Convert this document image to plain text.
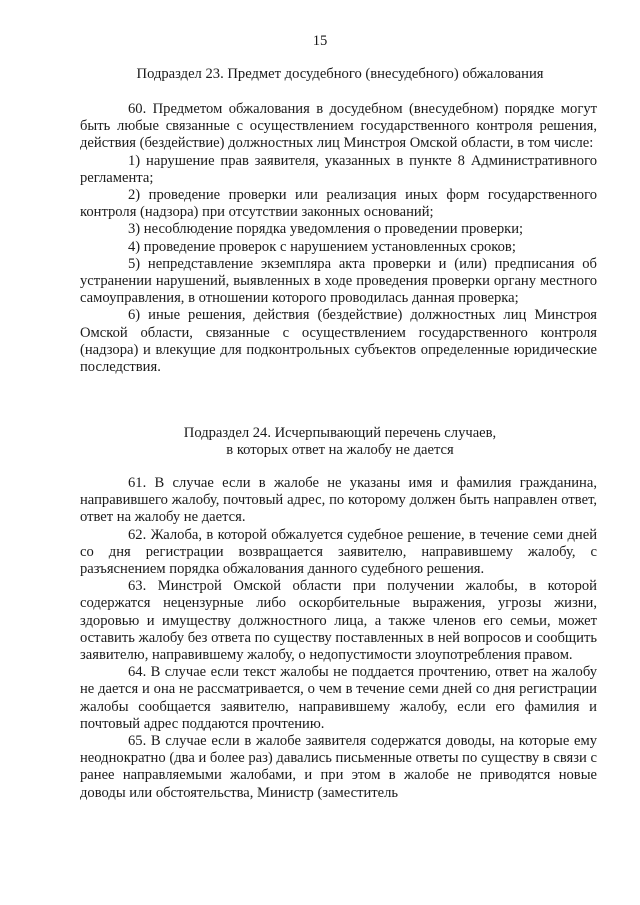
15
Подраздел 23. Предмет досудебного (внесудебного) обжалования

60. Предметом обжалования в досудебном (внесудебном) порядке могут быть любые связанные с осуществлением государственного контроля решения, действия (бездействие) должностных лиц Минстроя Омской области, в том числе:

1) нарушение прав заявителя, указанных в пункте 8 Административного регламента;

2) проведение проверки или реализация иных форм государственного контроля (надзора) при отсутствии законных оснований;

3) несоблюдение порядка уведомления о проведении проверки;

4) проведение проверок с нарушением установленных сроков;

5) непредставление экземпляра акта проверки и (или) предписания об устранении нарушений, выявленных в ходе проведения проверки органу местного самоуправления, в отношении которого проводилась данная проверка;

6) иные решения, действия (бездействие) должностных лиц Минстроя Омской области, связанные с осуществлением государственного контроля (надзора) и влекущие для подконтрольных субъектов определенные юридические последствия.

Подраздел 24. Исчерпывающий перечень случаев,
в которых ответ на жалобу не дается

61. В случае если в жалобе не указаны имя и фамилия гражданина, направившего жалобу, почтовый адрес, по которому должен быть направлен ответ, ответ на жалобу не дается.

62. Жалоба, в которой обжалуется судебное решение, в течение семи дней со дня регистрации возвращается заявителю, направившему жалобу, с разъяснением порядка обжалования данного судебного решения.

63. Минстрой Омской области при получении жалобы, в которой содержатся нецензурные либо оскорбительные выражения, угрозы жизни, здоровью и имуществу должностного лица, а также членов его семьи, может оставить жалобу без ответа по существу поставленных в ней вопросов и сообщить заявителю, направившему жалобу, о недопустимости злоупотребления правом.

64. В случае если текст жалобы не поддается прочтению, ответ на жалобу не дается и она не рассматривается, о чем в течение семи дней со дня регистрации жалобы сообщается заявителю, направившему жалобу, если его фамилия и почтовый адрес поддаются прочтению.

65. В случае если в жалобе заявителя содержатся доводы, на которые ему неоднократно (два и более раз) давались письменные ответы по существу в связи с ранее направляемыми жалобами, и при этом в жалобе не приводятся новые доводы или обстоятельства, Министр (заместитель
